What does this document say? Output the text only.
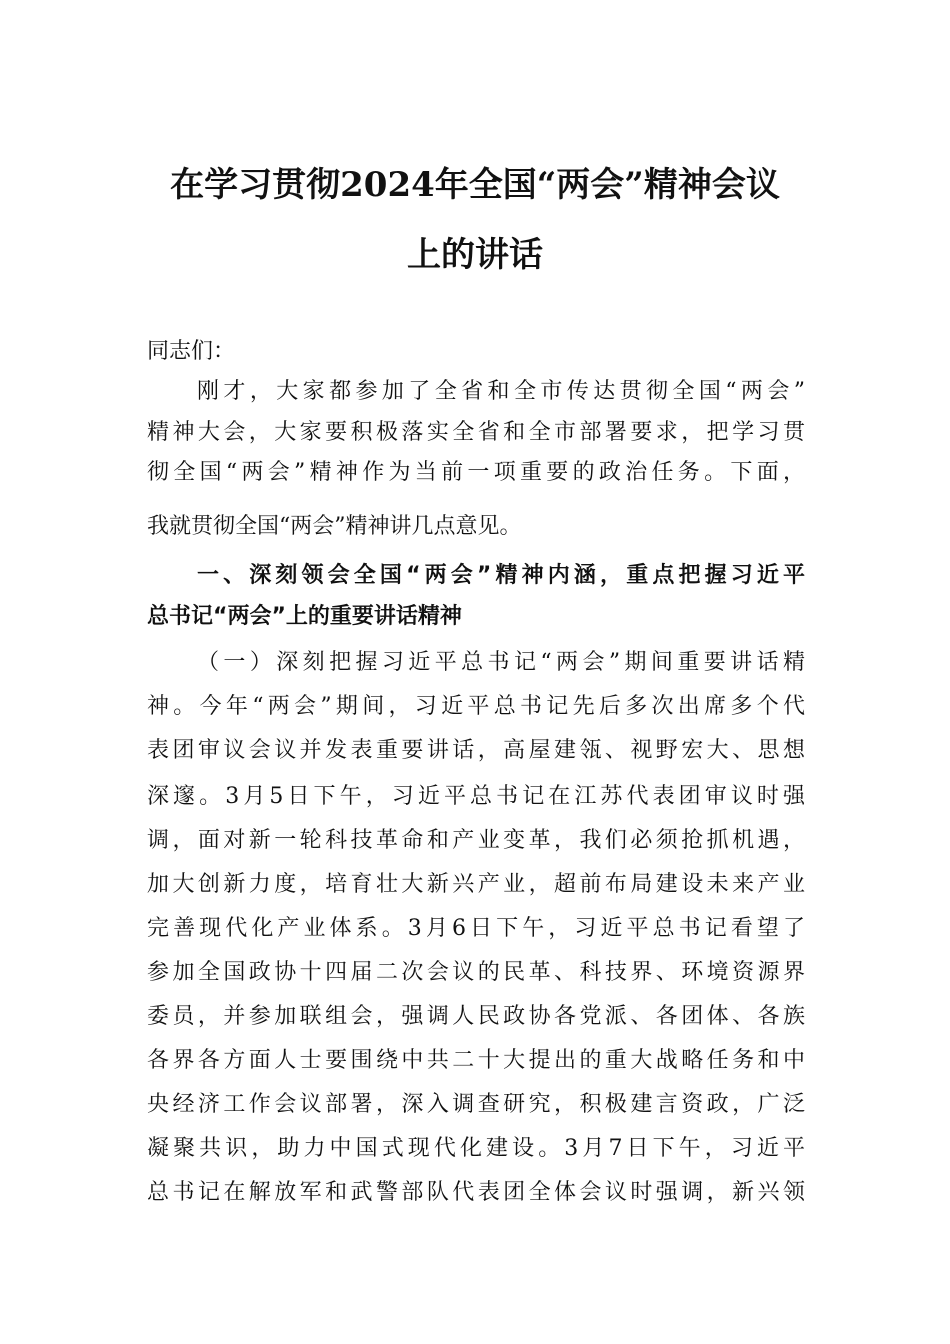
在学习贯彻2024年全国“两会”精神会议
上的讲话
同志们：
刚才，大家都参加了全省和全市传达贯彻全国“两会”
精神大会，大家要积极落实全省和全市部署要求，把学习贯
彻全国“两会”精神作为当前一项重要的政治任务。下面，
我就贯彻全国“两会”精神讲几点意见。
一、深刻领会全国“两会”精神内涵，重点把握习近平
总书记“两会”上的重要讲话精神
（一）深刻把握习近平总书记“两会”期间重要讲话精
神。今年“两会”期间，习近平总书记先后多次出席多个代
表团审议会议并发表重要讲话，高屋建瓴、视野宏大、思想
深邃。3月5日下午，习近平总书记在江苏代表团审议时强
调，面对新一轮科技革命和产业变革，我们必须抢抓机遇，
加大创新力度，培育壮大新兴产业，超前布局建设未来产业
完善现代化产业体系。3月6日下午，习近平总书记看望了
参加全国政协十四届二次会议的民革、科技界、环境资源界
委员，并参加联组会，强调人民政协各党派、各团体、各族
各界各方面人士要围绕中共二十大提出的重大战略任务和中
央经济工作会议部署，深入调查研究，积极建言资政，广泛
凝聚共识，助力中国式现代化建设。3月7日下午，习近平
总书记在解放军和武警部队代表团全体会议时强调，新兴领
